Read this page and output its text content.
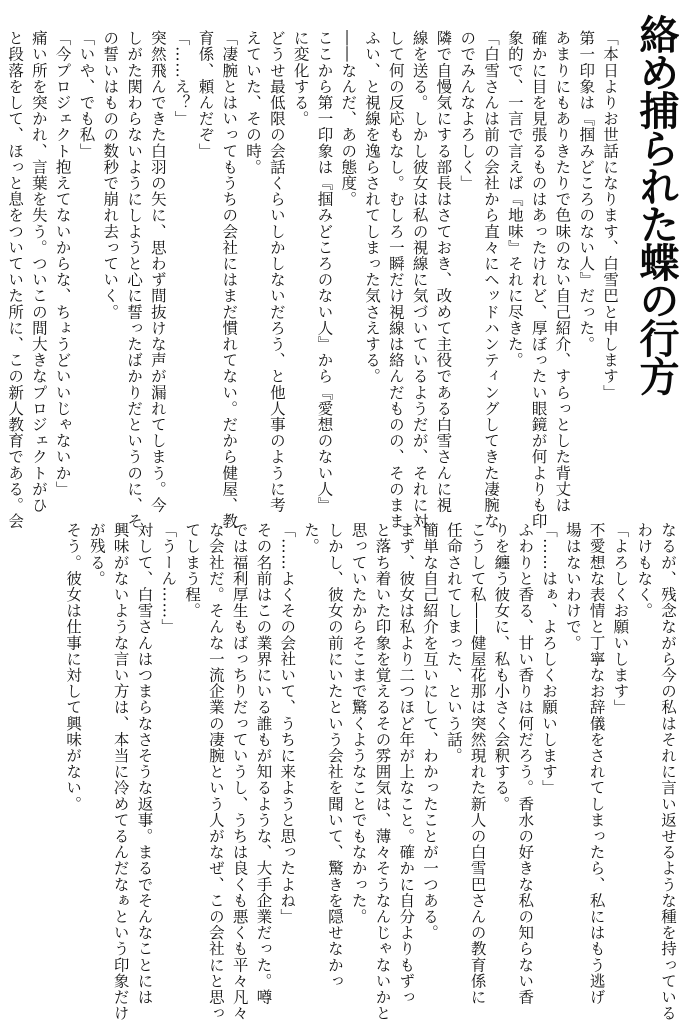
絡め捕られた蝶の行方

「本日よりお世話になります、白雪巴と申します」

第一印象は『掴みどころのない人』だった。

あまりにもありきたりで色味のない自己紹介、すらっとした背丈は

確かに目を見張るものはあったけれど、厚ぼったい眼鏡が何よりも印

象的で、一言で言えば『地味』それに尽きた。

「白雪さんは前の会社から直々にヘッドハンティングしてきた凄腕な

のでみんなよろしく」

隣で自慢気にする部長はさておき、改めて主役である白雪さんに視

線を送る。しかし彼女は私の視線に気づいているようだが、それに対

して何の反応もなし。むしろ一瞬だけ視線は絡んだものの、そのまま

ふい、と視線を逸らされてしまった気さえする。

――なんだ、あの態度。

ここから第一印象は『掴みどころのない人』から『愛想のない人』

に変化する。

どうせ最低限の会話くらいしかしないだろう、と他人事のように考

えていた、その時。

「凄腕とはいってもうちの会社にはまだ慣れてない。だから健屋、教

育係、頼んだぞ」

「……え？」

突然飛んできた白羽の矢に、思わず間抜けな声が漏れてしまう。今

しがた関わらないようにしようと心に誓ったばかりだというのに、そ

の誓いはものの数秒で崩れ去っていく。

「いや、でも私」

「今プロジェクト抱えてないからな、ちょうどいいじゃないか」

痛い所を突かれ、言葉を失う。ついこの間大きなプロジェクトがひ

と段落をして、ほっと息をついていた所に、この新人教育である。会

なるが、残念ながら今の私はそれに言い返せるような種を持っている

わけもなく。

「よろしくお願いします」

不愛想な表情と丁寧なお辞儀をされてしまったら、私にはもう逃げ

場はないわけで。

「……はぁ、よろしくお願いします」

ふわりと香る、甘い香りは何だろう。香水の好きな私の知らない香

りを纏う彼女に、私も小さく会釈する。

こうして私――健屋花那は突然現れた新人の白雪巴さんの教育係に

任命されてしまった、という話。

簡単な自己紹介を互いにして、わかったことが一つある。

まず、彼女は私より二つほど年が上なこと。確かに自分よりもずっ

と落ち着いた印象を覚えるその雰囲気は、薄々そうなんじゃないかと

思っていたからそこまで驚くようなことでもなかった。

しかし、彼女の前にいたという会社を聞いて、驚きを隠せなかっ

た。

「……よくその会社いて、うちに来ようと思ったよね」

その名前はこの業界にいる誰もが知るような、大手企業だった。噂

では福利厚生もばっちりだっていうし、うちは良くも悪くも平々凡々

な会社だ。そんな一流企業の凄腕という人がなぜ、この会社にと思っ

てしまう程。

「うーん……」

対して、白雪さんはつまらなさそうな返事。まるでそんなことには

興味がないような言い方は、本当に冷めてるんだなぁという印象だけ

が残る。

そう。彼女は仕事に対して興味がない。
